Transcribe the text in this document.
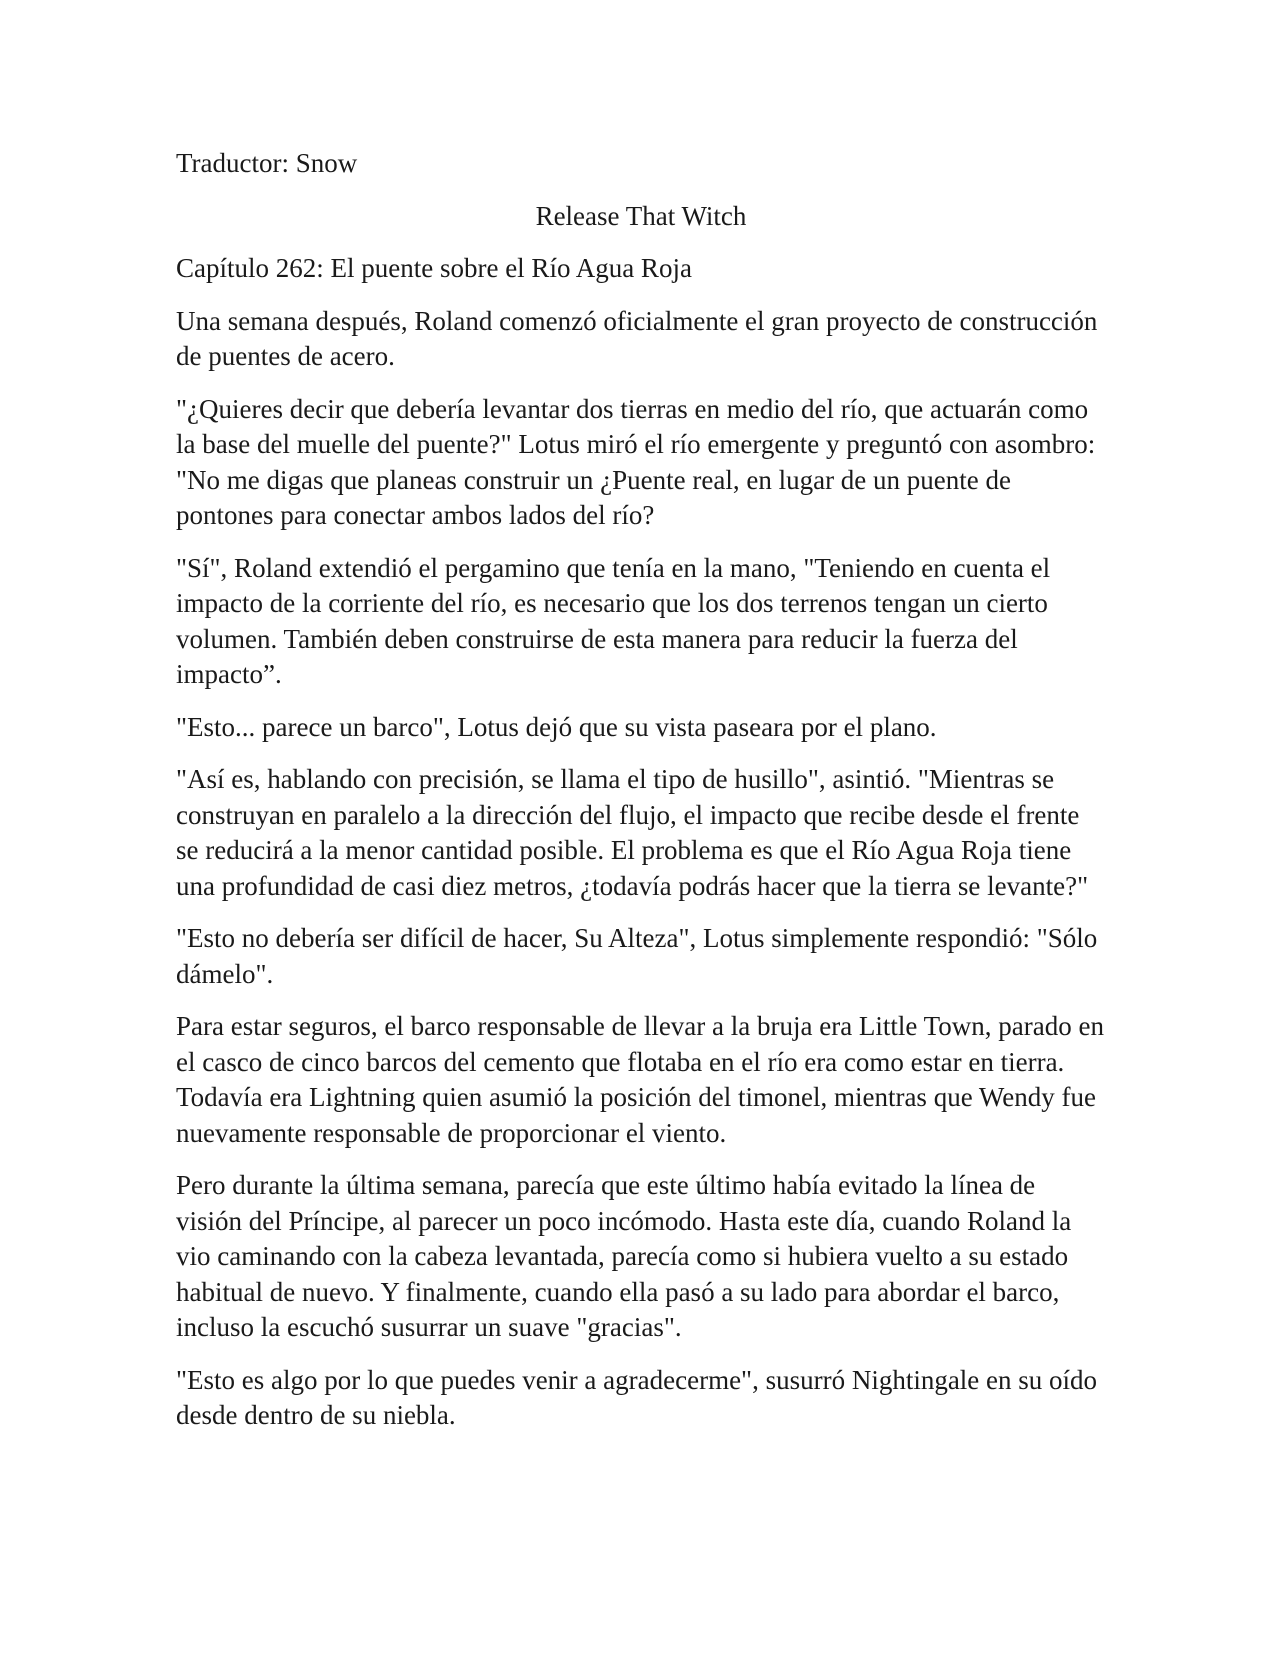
Traductor: Snow

Release That Witch

Capítulo 262: El puente sobre el Río Agua Roja

Una semana después, Roland comenzó oficialmente el gran proyecto de construcción de puentes de acero.

"¿Quieres decir que debería levantar dos tierras en medio del río, que actuarán como la base del muelle del puente?" Lotus miró el río emergente y preguntó con asombro: "No me digas que planeas construir un ¿Puente real, en lugar de un puente de pontones para conectar ambos lados del río?

"Sí", Roland extendió el pergamino que tenía en la mano, "Teniendo en cuenta el impacto de la corriente del río, es necesario que los dos terrenos tengan un cierto volumen. También deben construirse de esta manera para reducir la fuerza del impacto”.

"Esto... parece un barco", Lotus dejó que su vista paseara por el plano.

"Así es, hablando con precisión, se llama el tipo de husillo", asintió. "Mientras se construyan en paralelo a la dirección del flujo, el impacto que recibe desde el frente se reducirá a la menor cantidad posible. El problema es que el Río Agua Roja tiene una profundidad de casi diez metros, ¿todavía podrás hacer que la tierra se levante?"

"Esto no debería ser difícil de hacer, Su Alteza", Lotus simplemente respondió: "Sólo dámelo".

Para estar seguros, el barco responsable de llevar a la bruja era Little Town, parado en el casco de cinco barcos del cemento que flotaba en el río era como estar en tierra. Todavía era Lightning quien asumió la posición del timonel, mientras que Wendy fue nuevamente responsable de proporcionar el viento.

Pero durante la última semana, parecía que este último había evitado la línea de visión del Príncipe, al parecer un poco incómodo. Hasta este día, cuando Roland la vio caminando con la cabeza levantada, parecía como si hubiera vuelto a su estado habitual de nuevo. Y finalmente, cuando ella pasó a su lado para abordar el barco, incluso la escuchó susurrar un suave "gracias".

"Esto es algo por lo que puedes venir a agradecerme", susurró Nightingale en su oído desde dentro de su niebla.
